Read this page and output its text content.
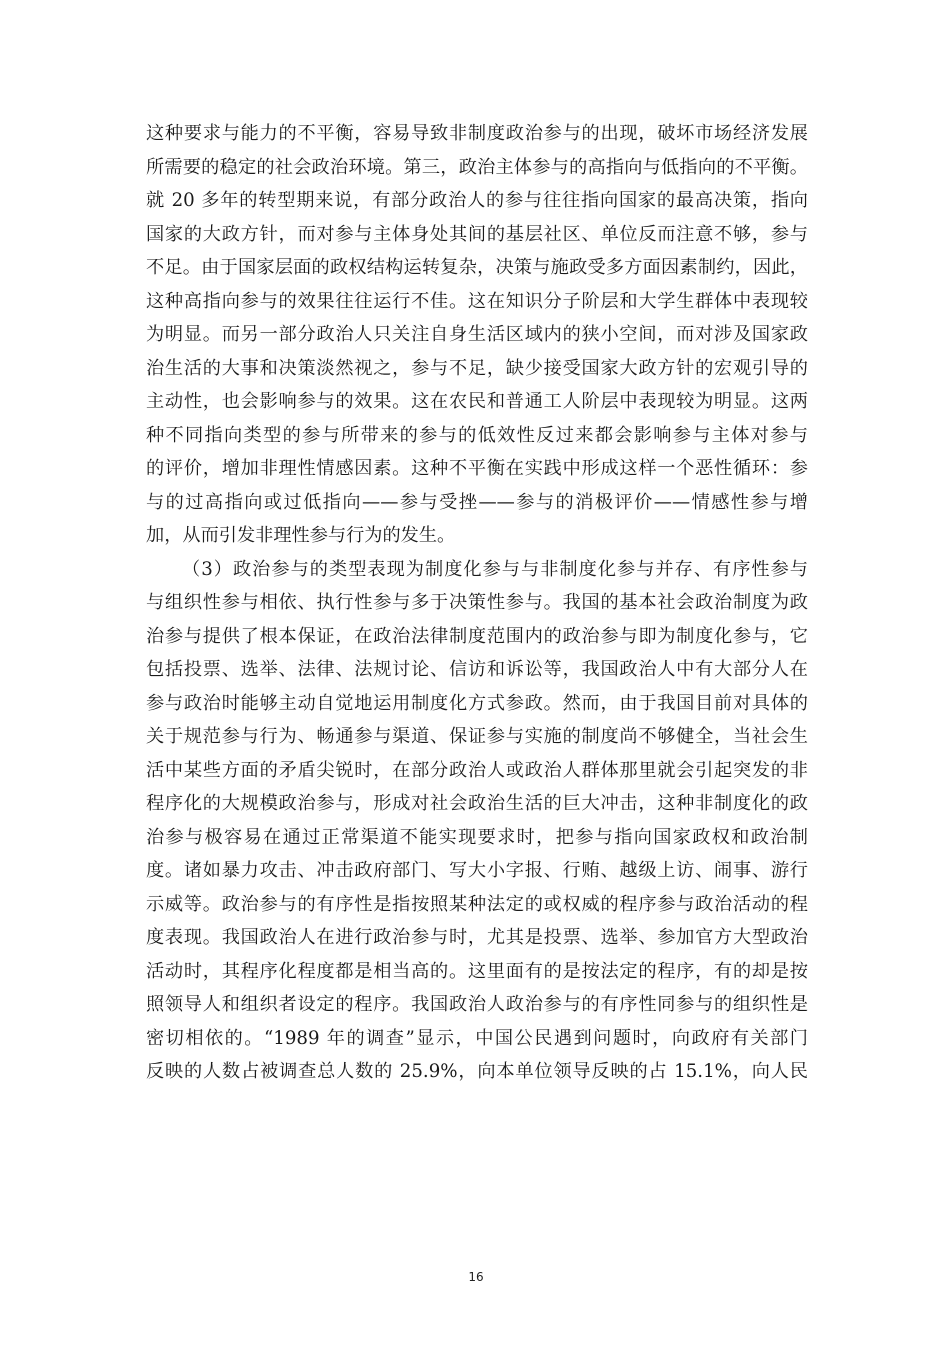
这种要求与能力的不平衡，容易导致非制度政治参与的出现，破坏市场经济发展
所需要的稳定的社会政治环境。第三，政治主体参与的高指向与低指向的不平衡。
就 20 多年的转型期来说，有部分政治人的参与往往指向国家的最高决策，指向
国家的大政方针，而对参与主体身处其间的基层社区、单位反而注意不够，参与
不足。由于国家层面的政权结构运转复杂，决策与施政受多方面因素制约，因此，
这种高指向参与的效果往往运行不佳。这在知识分子阶层和大学生群体中表现较
为明显。而另一部分政治人只关注自身生活区域内的狭小空间，而对涉及国家政
治生活的大事和决策淡然视之，参与不足，缺少接受国家大政方针的宏观引导的
主动性，也会影响参与的效果。这在农民和普通工人阶层中表现较为明显。这两
种不同指向类型的参与所带来的参与的低效性反过来都会影响参与主体对参与
的评价，增加非理性情感因素。这种不平衡在实践中形成这样一个恶性循环：参
与的过高指向或过低指向——参与受挫——参与的消极评价——情感性参与增
加，从而引发非理性参与行为的发生。
（3）政治参与的类型表现为制度化参与与非制度化参与并存、有序性参与
与组织性参与相依、执行性参与多于决策性参与。我国的基本社会政治制度为政
治参与提供了根本保证，在政治法律制度范围内的政治参与即为制度化参与，它
包括投票、选举、法律、法规讨论、信访和诉讼等，我国政治人中有大部分人在
参与政治时能够主动自觉地运用制度化方式参政。然而，由于我国目前对具体的
关于规范参与行为、畅通参与渠道、保证参与实施的制度尚不够健全，当社会生
活中某些方面的矛盾尖锐时，在部分政治人或政治人群体那里就会引起突发的非
程序化的大规模政治参与，形成对社会政治生活的巨大冲击，这种非制度化的政
治参与极容易在通过正常渠道不能实现要求时，把参与指向国家政权和政治制
度。诸如暴力攻击、冲击政府部门、写大小字报、行贿、越级上访、闹事、游行
示威等。政治参与的有序性是指按照某种法定的或权威的程序参与政治活动的程
度表现。我国政治人在进行政治参与时，尤其是投票、选举、参加官方大型政治
活动时，其程序化程度都是相当高的。这里面有的是按法定的程序，有的却是按
照领导人和组织者设定的程序。我国政治人政治参与的有序性同参与的组织性是
密切相依的。“1989 年的调查”显示，中国公民遇到问题时，向政府有关部门
反映的人数占被调查总人数的 25.9%，向本单位领导反映的占 15.1%，向人民
16
